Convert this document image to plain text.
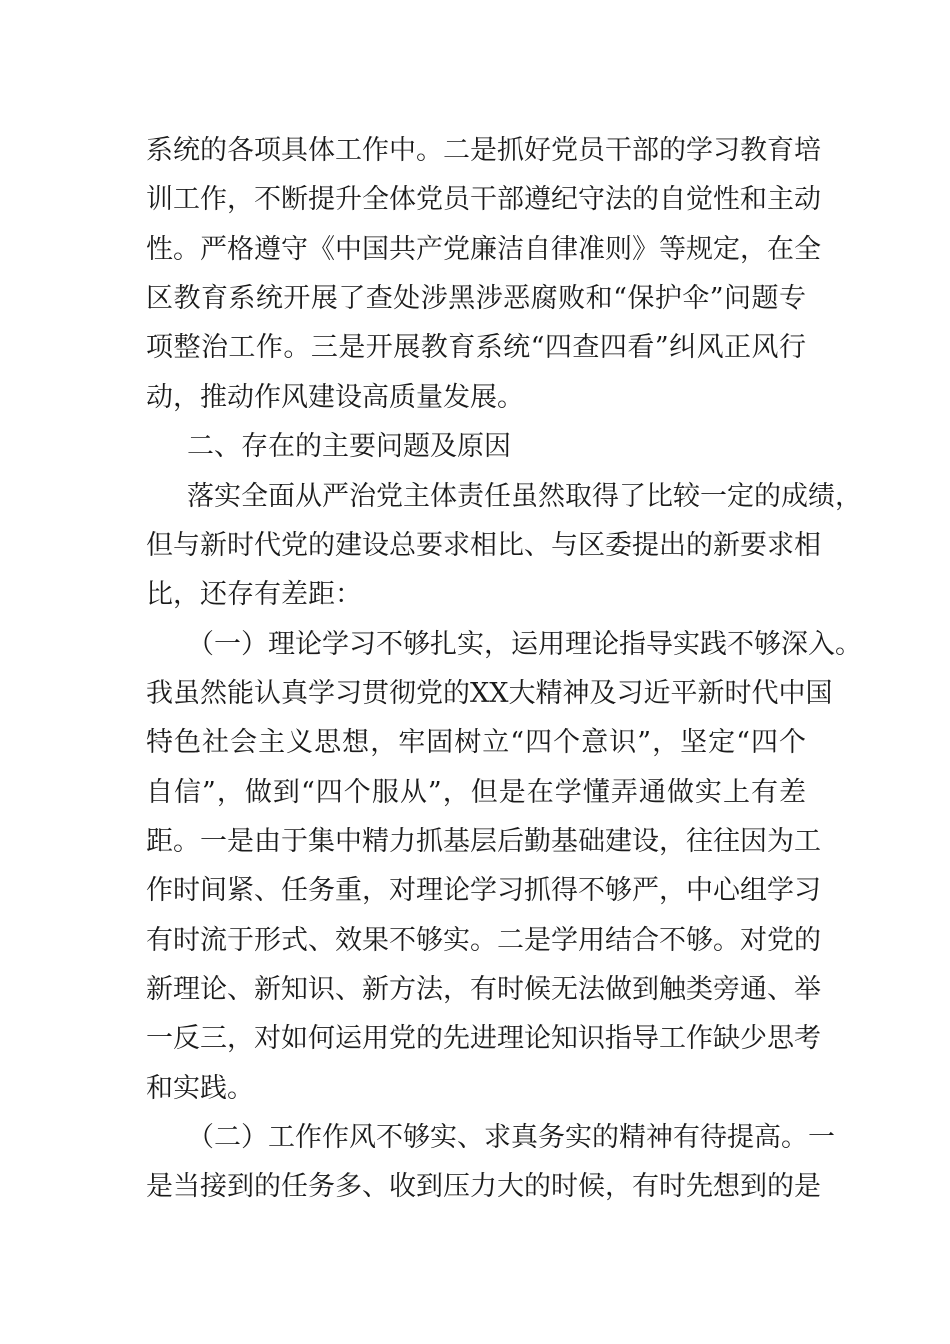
系统的各项具体工作中。二是抓好党员干部的学习教育培
训工作，不断提升全体党员干部遵纪守法的自觉性和主动
性。严格遵守《中国共产党廉洁自律准则》等规定，在全
区教育系统开展了查处涉黑涉恶腐败和“保护伞”问题专
项整治工作。三是开展教育系统“四查四看”纠风正风行
动，推动作风建设高质量发展。
二、存在的主要问题及原因
落实全面从严治党主体责任虽然取得了比较一定的成绩，
但与新时代党的建设总要求相比、与区委提出的新要求相
比，还存有差距：
（一）理论学习不够扎实，运用理论指导实践不够深入。
我虽然能认真学习贯彻党的XX大精神及习近平新时代中国
特色社会主义思想，牢固树立“四个意识”，坚定“四个
自信”，做到“四个服从”，但是在学懂弄通做实上有差
距。一是由于集中精力抓基层后勤基础建设，往往因为工
作时间紧、任务重，对理论学习抓得不够严，中心组学习
有时流于形式、效果不够实。二是学用结合不够。对党的
新理论、新知识、新方法，有时候无法做到触类旁通、举
一反三，对如何运用党的先进理论知识指导工作缺少思考
和实践。
（二）工作作风不够实、求真务实的精神有待提高。一
是当接到的任务多、收到压力大的时候，有时先想到的是
